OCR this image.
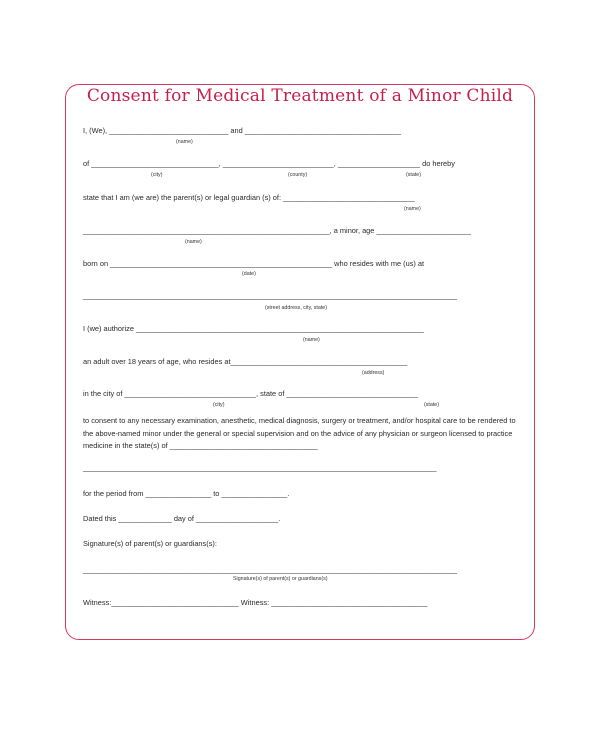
Consent for Medical Treatment of a Minor Child
I, (We), _____________________________ and ______________________________________
(name)
of _______________________________, ___________________________, ____________________ do hereby
(city)	(county)	(state)
state that I am (we are) the parent(s) or legal guardian (s) of: ________________________________
(name)
____________________________________________________________, a minor, age _______________________
(name)
born on ______________________________________________________ who resides with me (us) at
(date)
___________________________________________________________________________________________
(street address, city, state)
I (we) authorize ______________________________________________________________________
(name)
an adult over 18 years of age, who resides at___________________________________________
(address)
in the city of ________________________________, state of ________________________________
(city)	(state)
to consent to any necessary examination, anesthetic, medical diagnosis, surgery or treatment, and/or hospital care to be rendered to the above-named minor under the general or special supervision and on the advice of any physician or surgeon licensed to practice medicine in the state(s) of ____________________________________
______________________________________________________________________________________
for the period from ________________ to ________________.
Dated this _____________ day of ____________________.
Signature(s) of parent(s) or guardians(s):
___________________________________________________________________________________________
Signature(s) of parent(s) or guardians(s)
Witness:_______________________________ Witness: ______________________________________
